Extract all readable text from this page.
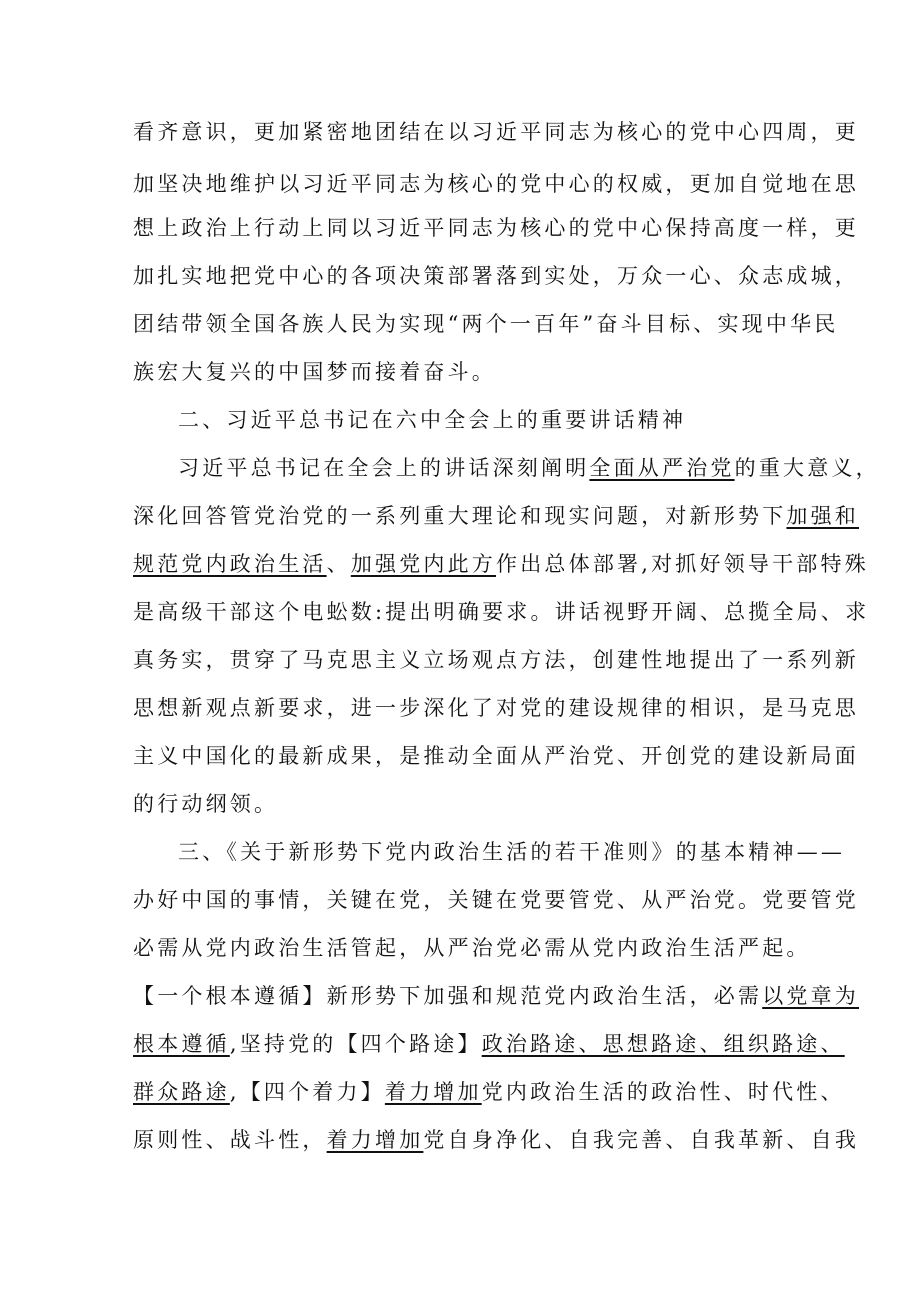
看齐意识，更加紧密地团结在以习近平同志为核心的党中心四周，更
加坚决地维护以习近平同志为核心的党中心的权威，更加自觉地在思
想上政治上行动上同以习近平同志为核心的党中心保持高度一样，更
加扎实地把党中心的各项决策部署落到实处，万众一心、众志成城，
团结带领全国各族人民为实现“两个一百年”奋斗目标、实现中华民
族宏大复兴的中国梦而接着奋斗。
二、习近平总书记在六中全会上的重要讲话精神
习近平总书记在全会上的讲话深刻阐明全面从严治党的重大意义，
深化回答管党治党的一系列重大理论和现实问题，对新形势下加强和
规范党内政治生活、加强党内此方作出总体部署,对抓好领导干部特殊
是高级干部这个电蚣数:提出明确要求。讲话视野开阔、总揽全局、求
真务实，贯穿了马克思主义立场观点方法，创建性地提出了一系列新
思想新观点新要求，进一步深化了对党的建设规律的相识，是马克思
主义中国化的最新成果，是推动全面从严治党、开创党的建设新局面
的行动纲领。
三、《关于新形势下党内政治生活的若干准则》的基本精神——
办好中国的事情，关键在党，关键在党要管党、从严治党。党要管党
必需从党内政治生活管起，从严治党必需从党内政治生活严起。
【一个根本遵循】新形势下加强和规范党内政治生活，必需以党章为
根本遵循,坚持党的【四个路途】政治路途、思想路途、组织路途、
群众路途,【四个着力】着力增加党内政治生活的政治性、时代性、
原则性、战斗性，着力增加党自身净化、自我完善、自我革新、自我
